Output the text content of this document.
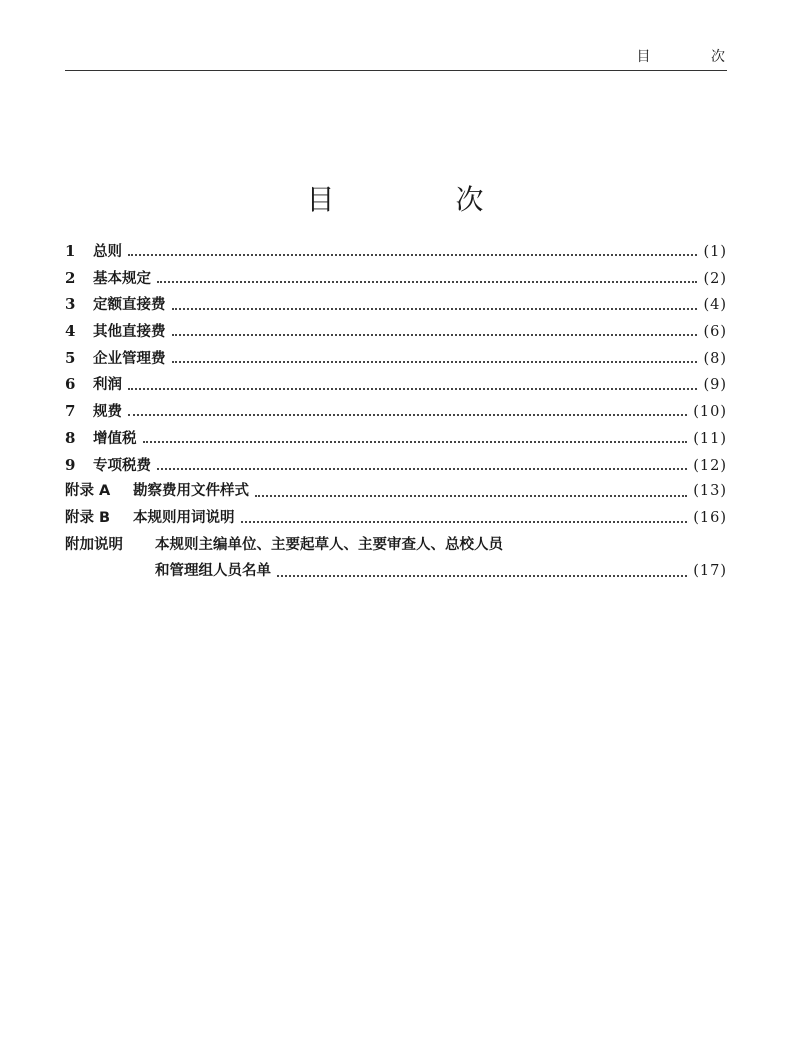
目 次
目 次
1	总则	(1)
2	基本规定	(2)
3	定额直接费	(4)
4	其他直接费	(6)
5	企业管理费	(8)
6	利润	(9)
7	规费	(10)
8	增值税	(11)
9	专项税费	(12)
附录 A	勘察费用文件样式	(13)
附录 B	本规则用词说明	(16)
附加说明	本规则主编单位、主要起草人、主要审查人、总校人员
和管理组人员名单	(17)
